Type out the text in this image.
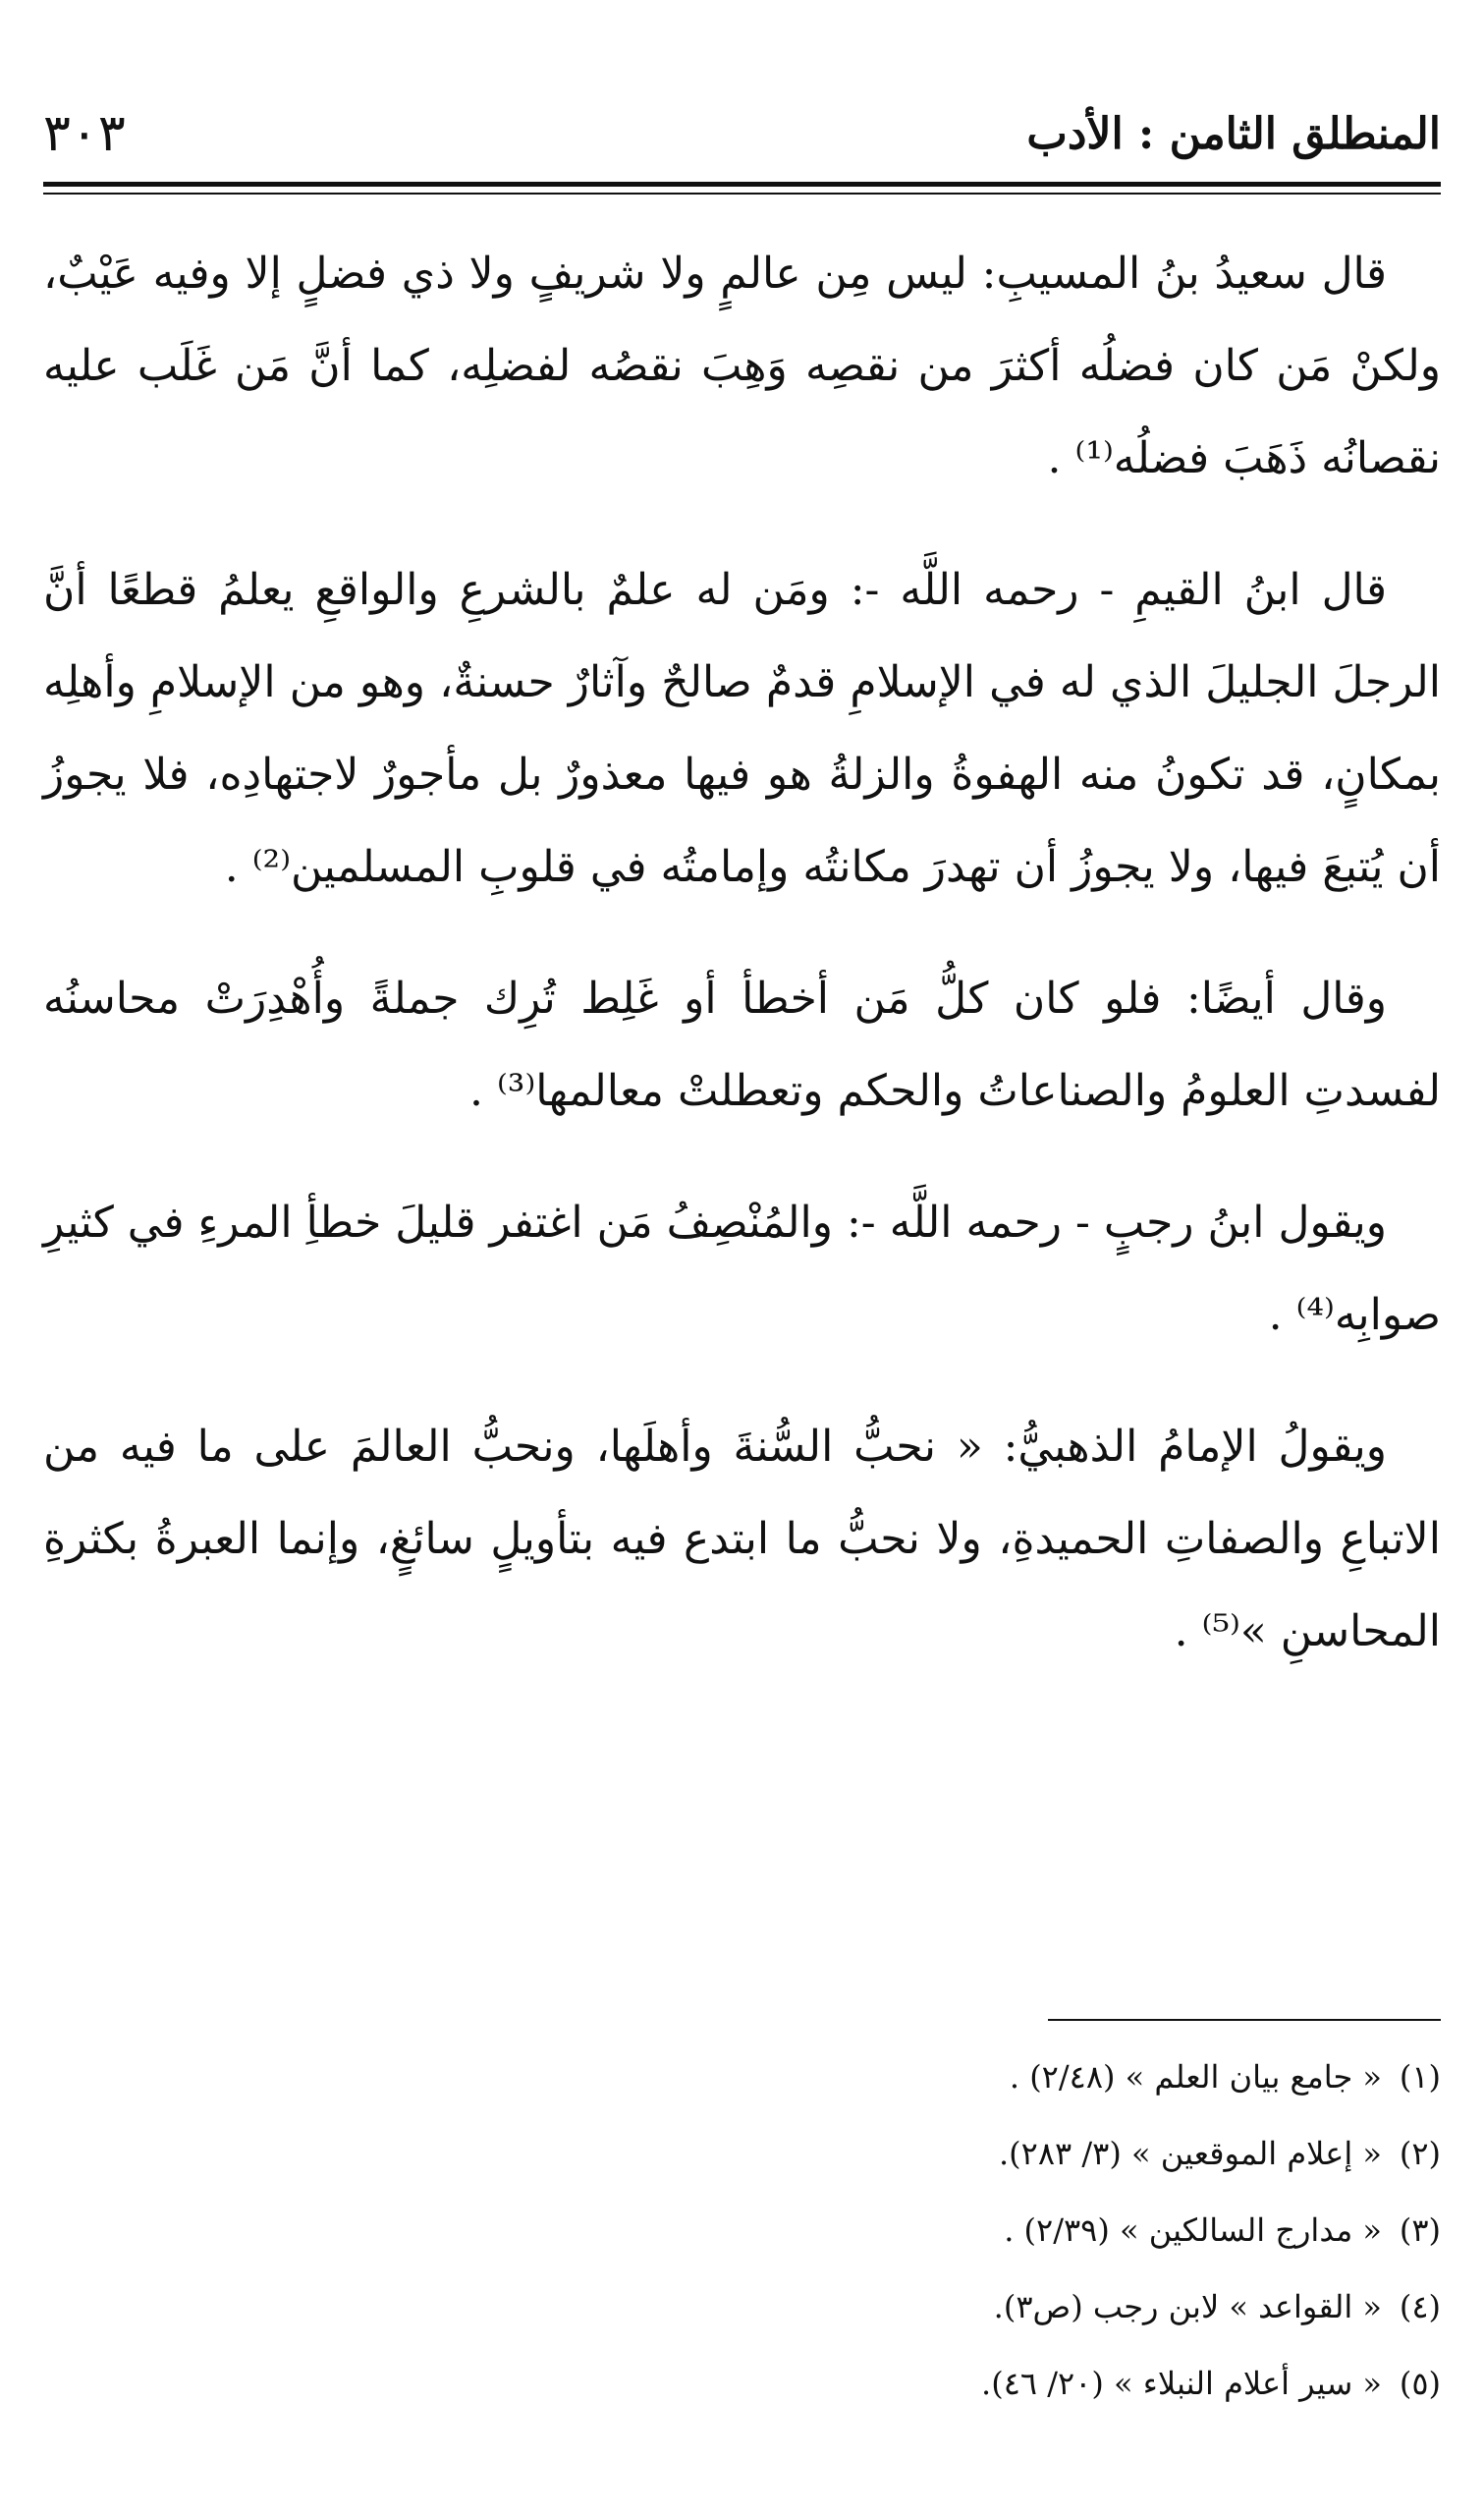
٣٠٣	المنطلق الثامن : الأدب

قال سعيدُ بنُ المسيبِ: ليس مِن عالمٍ ولا شريفٍ ولا ذي فضلٍ إلا وفيه عَيْبٌ، ولكنْ مَن كان فضلُه أكثرَ من نقصِه وَهِبَ نقصُه لفضلِه، كما أنَّ مَن غَلَب عليه نقصانُه ذَهَبَ فضلُه⁽¹⁾ .

قال ابنُ القيمِ - رحمه اللَّه -: ومَن له علمٌ بالشرعِ والواقعِ يعلمُ قطعًا أنَّ الرجلَ الجليلَ الذي له في الإسلامِ قدمٌ صالحٌ وآثارٌ حسنةٌ، وهو من الإسلامِ وأهلِه بمكانٍ، قد تكونُ منه الهفوةُ والزلةُ هو فيها معذورٌ بل مأجورٌ لاجتهادِه، فلا يجوزُ أن يُتبعَ فيها، ولا يجوزُ أن تهدرَ مكانتُه وإمامتُه في قلوبِ المسلمين⁽²⁾ .

وقال أيضًا: فلو كان كلُّ مَن أخطأ أو غَلِط تُرِك جملةً وأُهْدِرَتْ محاسنُه لفسدتِ العلومُ والصناعاتُ والحكم وتعطلتْ معالمها⁽³⁾ .

ويقول ابنُ رجبٍ - رحمه اللَّه -: والمُنْصِفُ مَن اغتفر قليلَ خطأِ المرءِ في كثيرِ صوابِه⁽⁴⁾ .

ويقولُ الإمامُ الذهبيُّ: « نحبُّ السُّنةَ وأهلَها، ونحبُّ العالمَ على ما فيه من الاتباعِ والصفاتِ الحميدةِ، ولا نحبُّ ما ابتدع فيه بتأويلٍ سائغٍ، وإنما العبرةُ بكثرةِ المحاسنِ »⁽⁵⁾ .

(١)
« جامع بيان العلم » (٢/٤٨) .
(٢)
« إعلام الموقعين » (٣/ ٢٨٣).
(٣)
« مدارج السالكين » (٢/٣٩) .
(٤)
« القواعد » لابن رجب (ص٣).
(٥)
« سير أعلام النبلاء » (٢٠/ ٤٦).
